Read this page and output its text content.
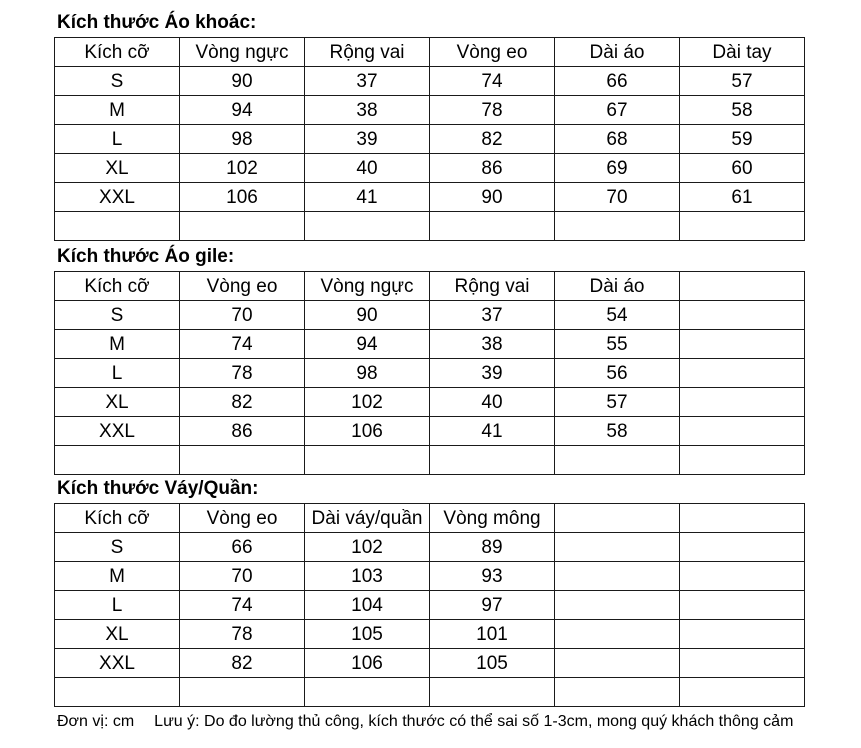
Kích thước Áo khoác:
Kích cỡ	Vòng ngực	Rộng vai	Vòng eo	Dài áo	Dài tay
S	90	37	74	66	57
M	94	38	78	67	58
L	98	39	82	68	59
XL	102	40	86	69	60
XXL	106	41	90	70	61

Kích thước Áo gile:
Kích cỡ	Vòng eo	Vòng ngực	Rộng vai	Dài áo	
S	70	90	37	54	
M	74	94	38	55	
L	78	98	39	56	
XL	82	102	40	57	
XXL	86	106	41	58	

Kích thước Váy/Quần:
Kích cỡ	Vòng eo	Dài váy/quần	Vòng mông		
S	66	102	89		
M	70	103	93		
L	74	104	97		
XL	78	105	101		
XXL	82	106	105		

Đơn vị: cm Lưu ý: Do đo lường thủ công, kích thước có thể sai số 1-3cm, mong quý khách thông cảm
